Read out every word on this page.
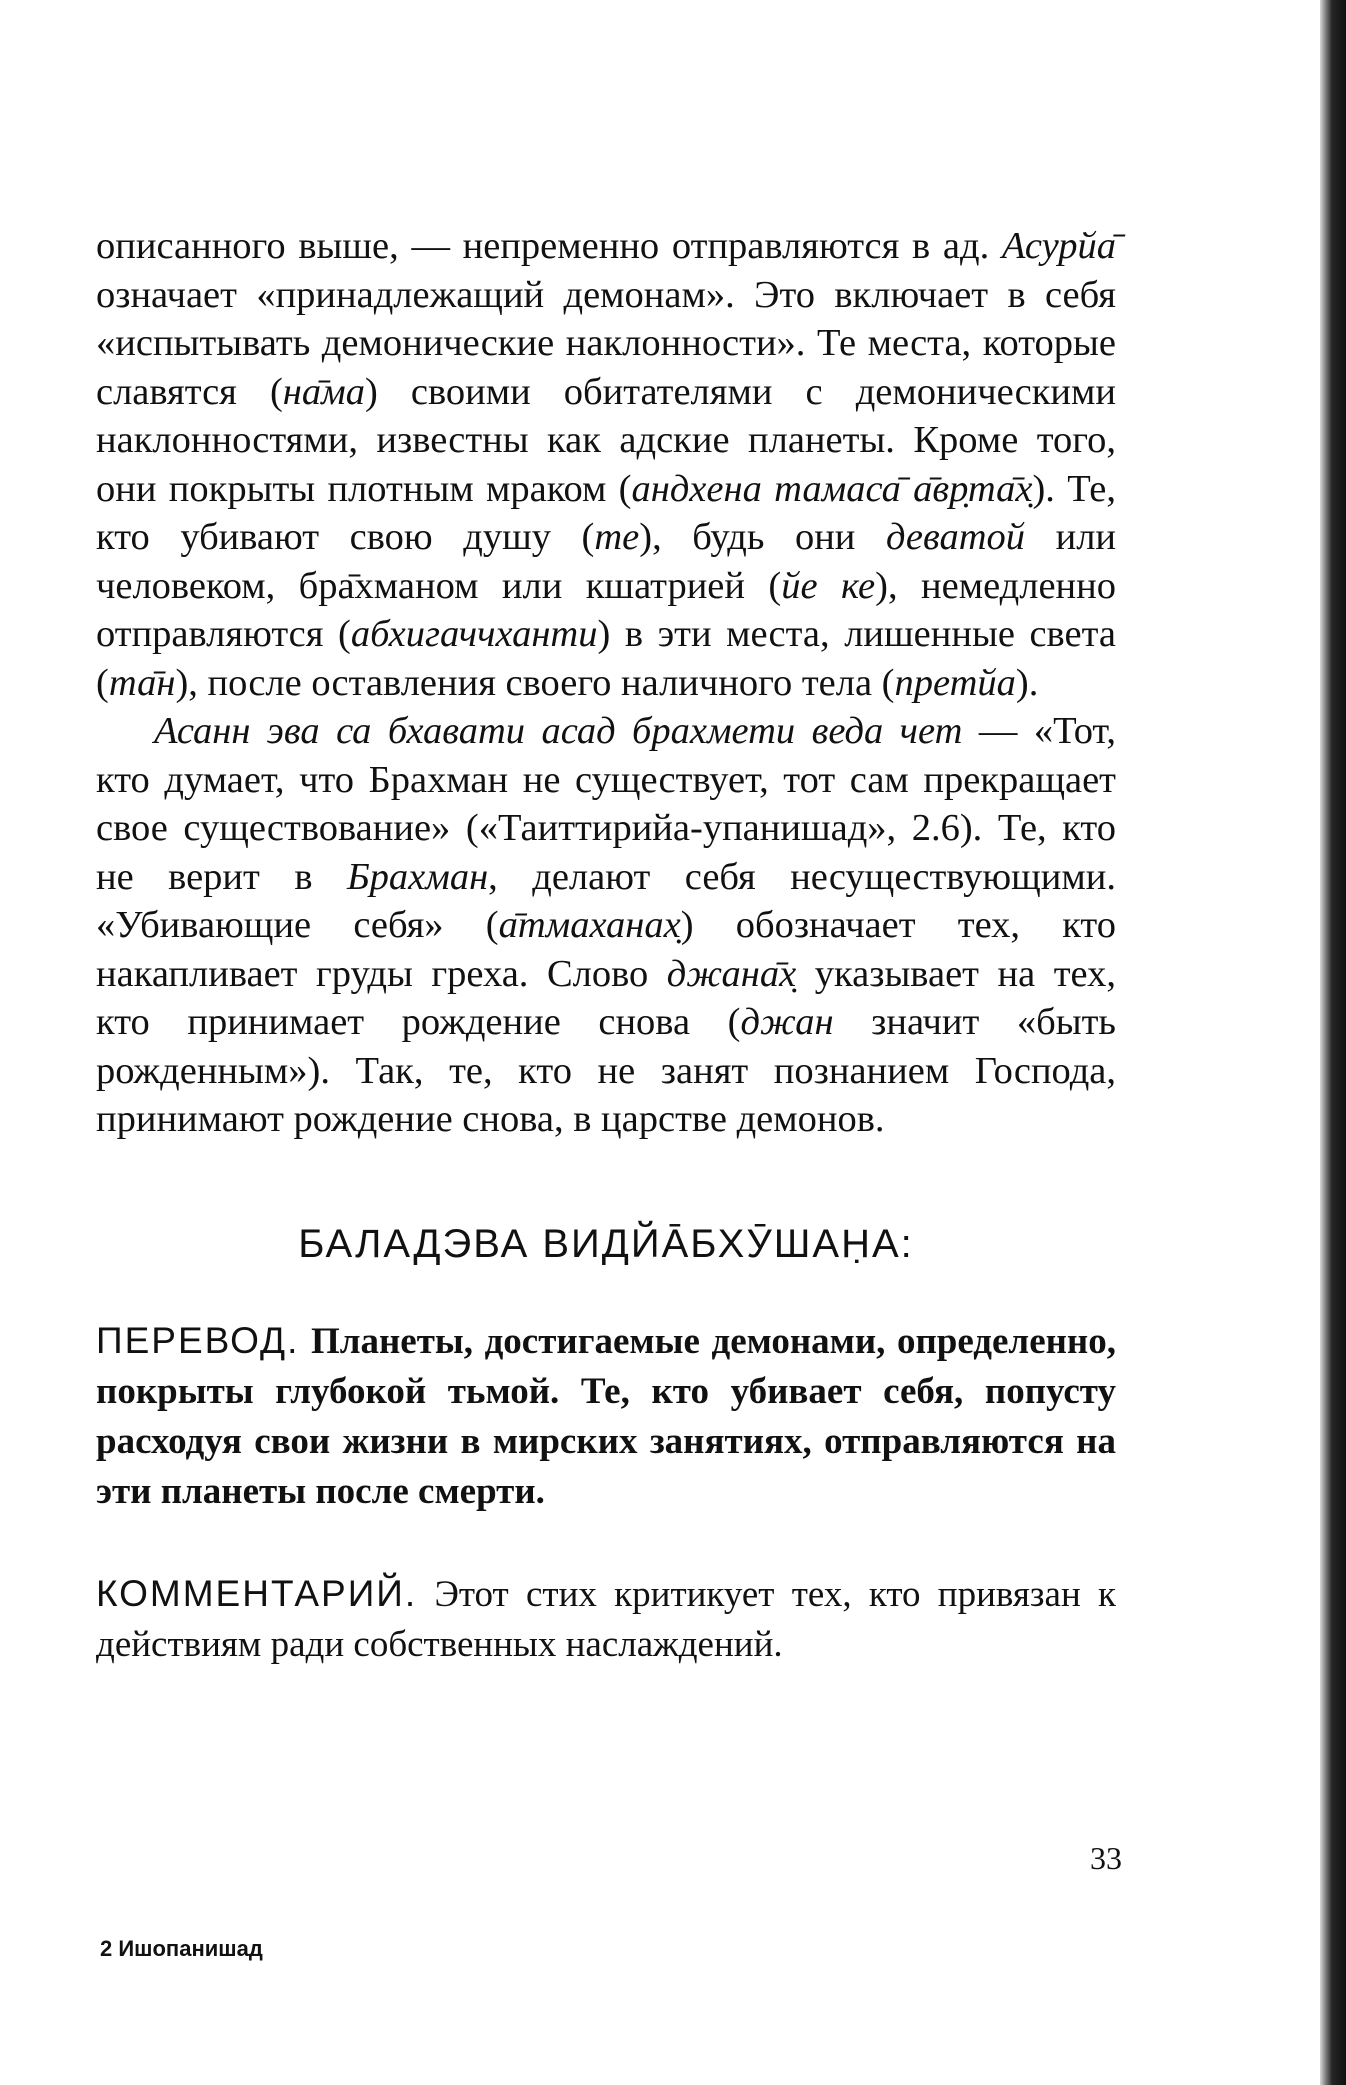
описанного выше, — непременно отправляются в ад. Асурйа̄ означает «принадлежащий демонам». Это включает в себя «испытывать демонические наклонности». Те места, которые славятся (на̄ма) своими обитателями с демоническими наклонностями, известны как адские планеты. Кроме того, они покрыты плотным мраком (андхена тамаса̄ а̄вр̣та̄х̣). Те, кто убивают свою душу (те), будь они деватой или человеком, бра̄хманом или кшатрией (йе ке), немедленно отправляются (абхигаччханти) в эти места, лишенные света (та̄н), после оставления своего наличного тела (претйа).

Асанн эва са бхавати асад брахмети веда чет — «Тот, кто думает, что Брахман не существует, тот сам прекращает свое существование» («Таиттирийа-упанишад», 2.6). Те, кто не верит в Брахман, делают себя несуществующими. «Убивающие себя» (а̄тмаханах̣) обозначает тех, кто накапливает груды греха. Слово джана̄х̣ указывает на тех, кто принимает рождение снова (джан значит «быть рожденным»). Так, те, кто не занят познанием Господа, принимают рождение снова, в царстве демонов.

БАЛАДЭВА ВИДЙА̄БХӮШАН̣А:

ПЕРЕВОД. Планеты, достигаемые демонами, определенно, покрыты глубокой тьмой. Те, кто убивает себя, попусту расходуя свои жизни в мирских занятиях, отправляются на эти планеты после смерти.

КОММЕНТАРИЙ. Этот стих критикует тех, кто привязан к действиям ради собственных наслаждений.

33
2 Ишопанишад
